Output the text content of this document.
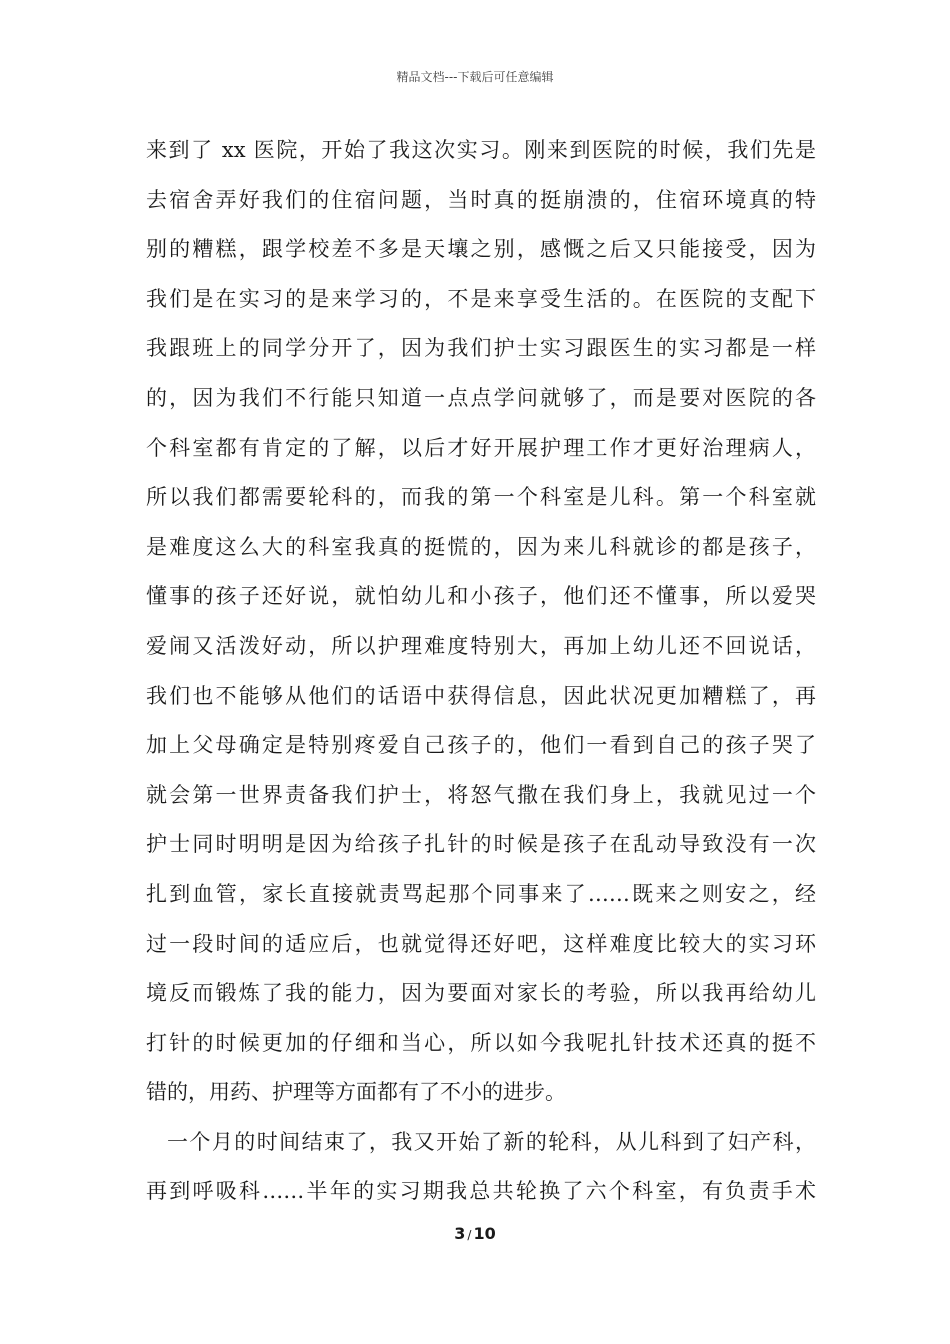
精品文档---下载后可任意编辑
来到了 xx 医院，开始了我这次实习。刚来到医院的时候，我们先是
去宿舍弄好我们的住宿问题，当时真的挺崩溃的，住宿环境真的特
别的糟糕，跟学校差不多是天壤之别，感慨之后又只能接受，因为
我们是在实习的是来学习的，不是来享受生活的。在医院的支配下
我跟班上的同学分开了，因为我们护士实习跟医生的实习都是一样
的，因为我们不行能只知道一点点学问就够了，而是要对医院的各
个科室都有肯定的了解，以后才好开展护理工作才更好治理病人，
所以我们都需要轮科的，而我的第一个科室是儿科。第一个科室就
是难度这么大的科室我真的挺慌的，因为来儿科就诊的都是孩子，
懂事的孩子还好说，就怕幼儿和小孩子，他们还不懂事，所以爱哭
爱闹又活泼好动，所以护理难度特别大，再加上幼儿还不回说话，
我们也不能够从他们的话语中获得信息，因此状况更加糟糕了，再
加上父母确定是特别疼爱自己孩子的，他们一看到自己的孩子哭了
就会第一世界责备我们护士，将怒气撒在我们身上，我就见过一个
护士同时明明是因为给孩子扎针的时候是孩子在乱动导致没有一次
扎到血管，家长直接就责骂起那个同事来了……既来之则安之，经
过一段时间的适应后，也就觉得还好吧，这样难度比较大的实习环
境反而锻炼了我的能力，因为要面对家长的考验，所以我再给幼儿
打针的时候更加的仔细和当心，所以如今我呢扎针技术还真的挺不
错的，用药、护理等方面都有了不小的进步。
一个月的时间结束了，我又开始了新的轮科，从儿科到了妇产科，
再到呼吸科……半年的实习期我总共轮换了六个科室，有负责手术
3 / 10
